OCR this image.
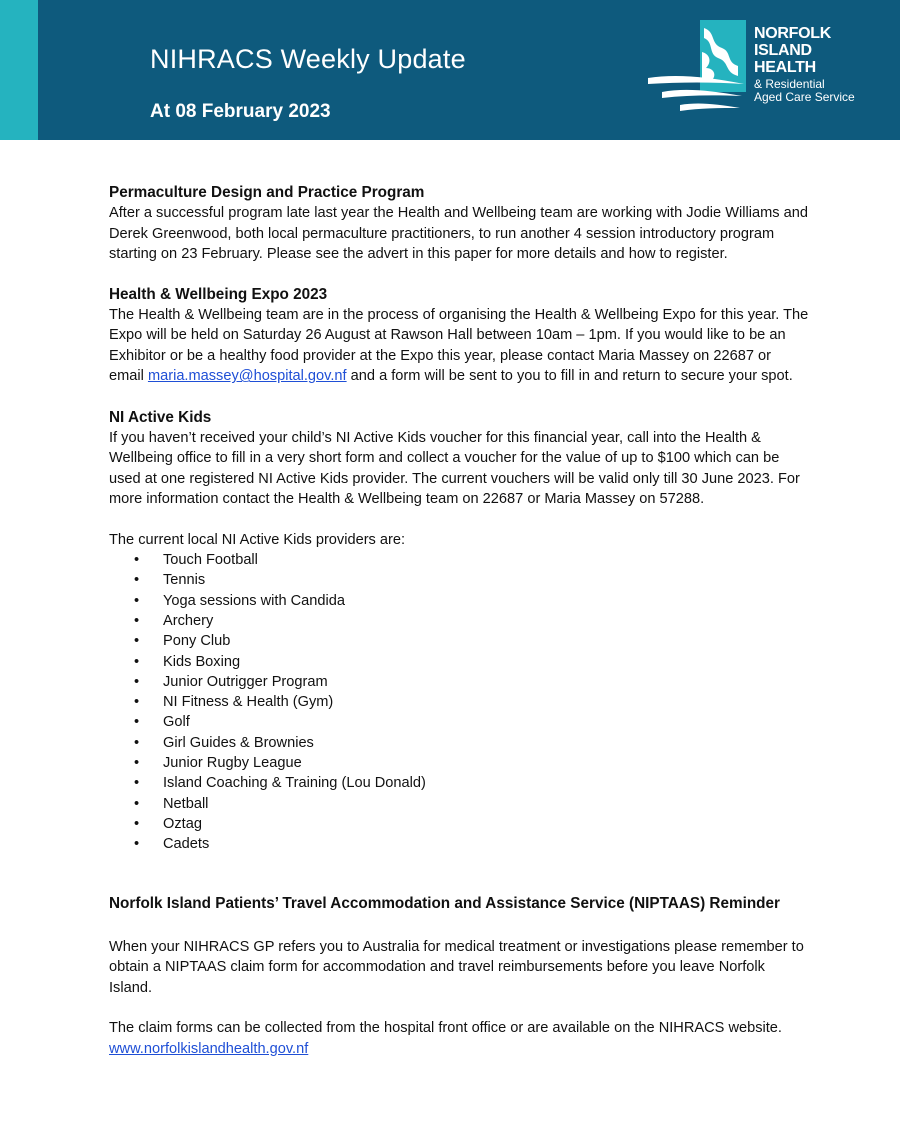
NIHRACS Weekly Update
At 08 February 2023
NORFOLK
ISLAND
HEALTH
& Residential
Aged Care Service
Permaculture Design and Practice Program

After a successful program late last year the Health and Wellbeing team are working with Jodie Williams and Derek Greenwood, both local permaculture practitioners, to run another 4 session introductory program starting on 23 February. Please see the advert in this paper for more details and how to register.

Health & Wellbeing Expo 2023

The Health & Wellbeing team are in the process of organising the Health & Wellbeing Expo for this year. The Expo will be held on Saturday 26 August at Rawson Hall between 10am – 1pm. If you would like to be an Exhibitor or be a healthy food provider at the Expo this year, please contact Maria Massey on 22687 or email maria.massey@hospital.gov.nf and a form will be sent to you to fill in and return to secure your spot.

NI Active Kids

If you haven’t received your child’s NI Active Kids voucher for this financial year, call into the Health & Wellbeing office to fill in a very short form and collect a voucher for the value of up to $100 which can be used at one registered NI Active Kids provider. The current vouchers will be valid only till 30 June 2023. For more information contact the Health & Wellbeing team on 22687 or Maria Massey on 57288.

The current local NI Active Kids providers are:

• Touch Football
• Tennis
• Yoga sessions with Candida
• Archery
• Pony Club
• Kids Boxing
• Junior Outrigger Program
• NI Fitness & Health (Gym)
• Golf
• Girl Guides & Brownies
• Junior Rugby League
• Island Coaching & Training (Lou Donald)
• Netball
• Oztag
• Cadets
Norfolk Island Patients’ Travel Accommodation and Assistance Service (NIPTAAS) Reminder

When your NIHRACS GP refers you to Australia for medical treatment or investigations please remember to obtain a NIPTAAS claim form for accommodation and travel reimbursements before you leave Norfolk Island.

The claim forms can be collected from the hospital front office or are available on the NIHRACS website.   www.norfolkislandhealth.gov.nf
